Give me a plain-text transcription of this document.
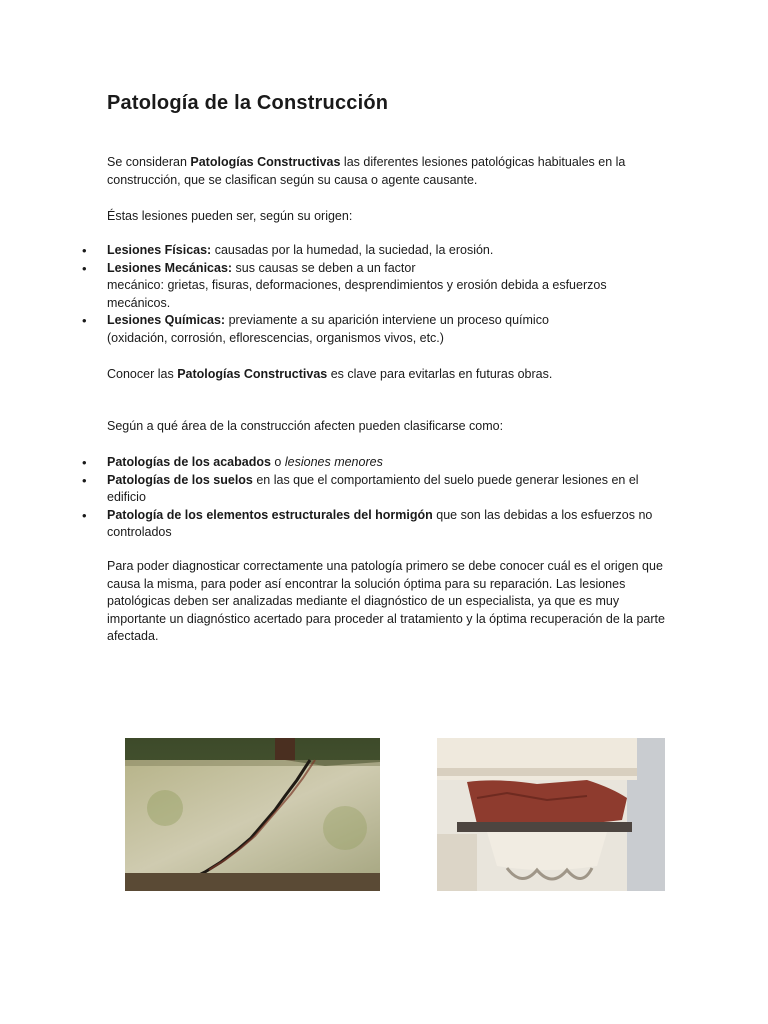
Patología de la Construcción

Se consideran Patologías Constructivas las diferentes lesiones patológicas habituales en la construcción, que se clasifican según su causa o agente causante.

Éstas lesiones pueden ser, según su origen:

• Lesiones Físicas: causadas por la humedad, la suciedad, la erosión.
• Lesiones Mecánicas: sus causas se deben a un factor
mecánico: grietas, fisuras, deformaciones, desprendimientos y erosión debida a esfuerzos mecánicos.
• Lesiones Químicas: previamente a su aparición interviene un proceso químico
(oxidación, corrosión, eflorescencias, organismos vivos, etc.)

Conocer las Patologías Constructivas es clave para evitarlas en futuras obras.

Según a qué área de la construcción afecten pueden clasificarse como:

• Patologías de los acabados o lesiones menores
• Patologías de los suelos en las que el comportamiento del suelo puede generar lesiones en el edificio
• Patología de los elementos estructurales del hormigón que son las debidas a los esfuerzos no controlados

Para poder diagnosticar correctamente una patología primero se debe conocer cuál es el origen que causa la misma, para poder así encontrar la solución óptima para su reparación. Las lesiones patológicas deben ser analizadas mediante el diagnóstico de un especialista, ya que es muy importante un diagnóstico acertado para proceder al tratamiento y la óptima recuperación de la parte afectada.
